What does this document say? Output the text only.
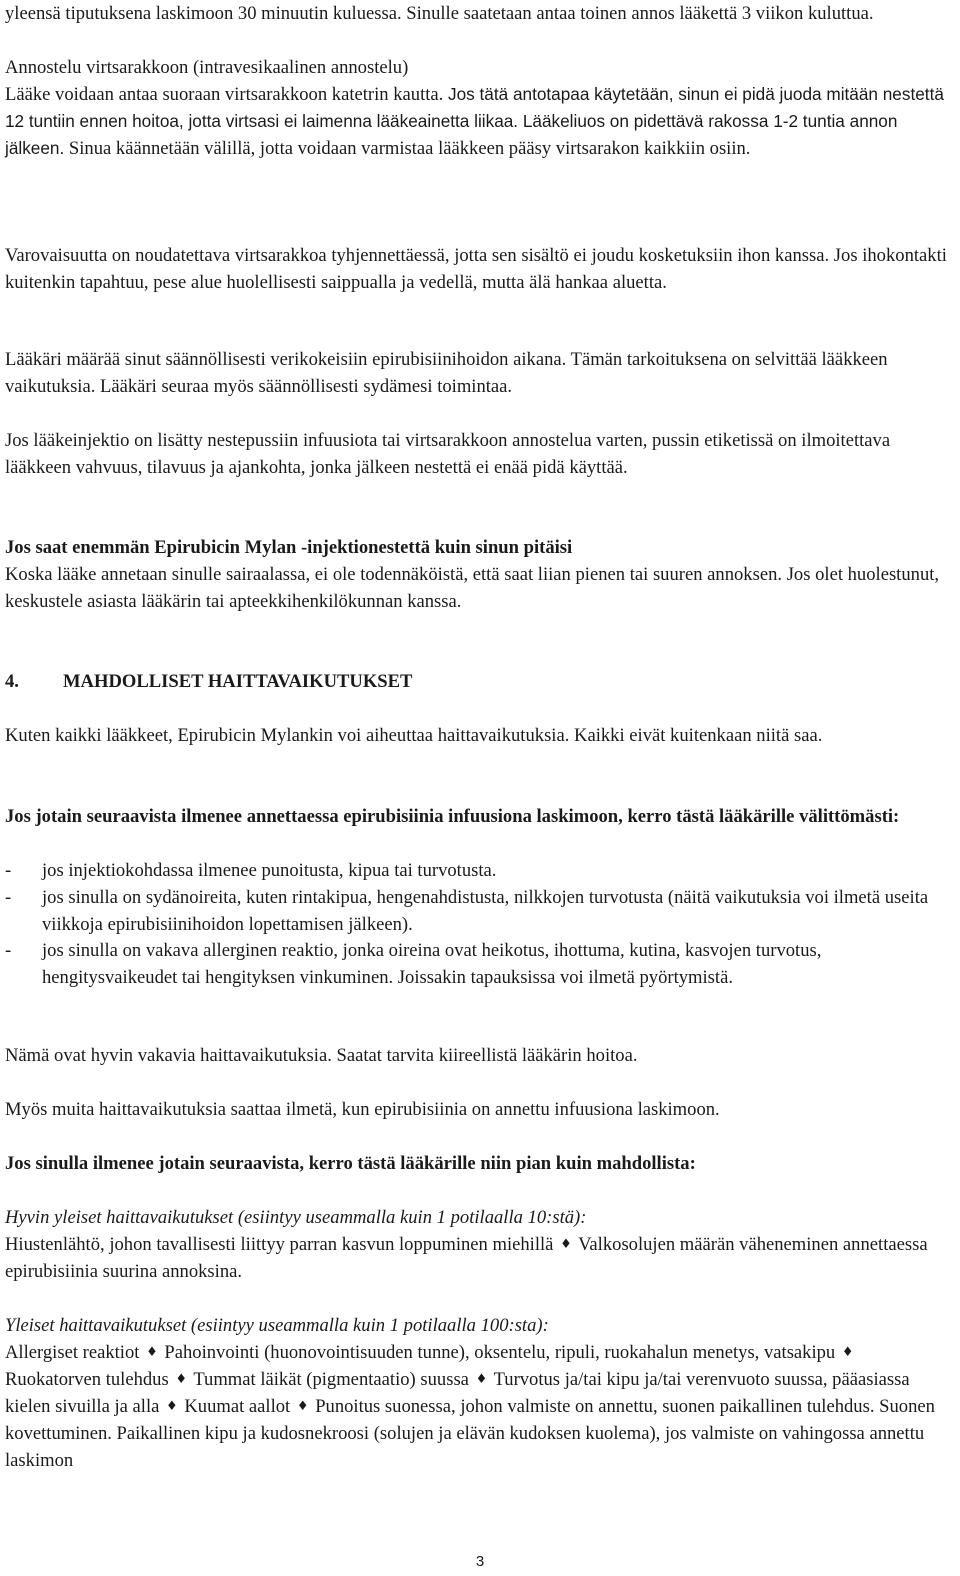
yleensä tiputuksena laskimoon 30 minuutin kuluessa. Sinulle saatetaan antaa toinen annos lääkettä 3 viikon kuluttua.

Annostelu virtsarakkoon (intravesikaalinen annostelu)
Lääke voidaan antaa suoraan virtsarakkoon katetrin kautta. Jos tätä antotapaa käytetään, sinun ei pidä juoda mitään nestettä 12 tuntiin ennen hoitoa, jotta virtsasi ei laimenna lääkeainetta liikaa. Lääkeliuos on pidettävä rakossa 1-2 tuntia annon jälkeen. Sinua käännetään välillä, jotta voidaan varmistaa lääkkeen pääsy virtsarakon kaikkiin osiin.

Varovaisuutta on noudatettava virtsarakkoa tyhjennettäessä, jotta sen sisältö ei joudu kosketuksiin ihon kanssa. Jos ihokontakti kuitenkin tapahtuu, pese alue huolellisesti saippualla ja vedellä, mutta älä hankaa aluetta.

Lääkäri määrää sinut säännöllisesti verikokeisiin epirubisiinihoidon aikana. Tämän tarkoituksena on selvittää lääkkeen vaikutuksia. Lääkäri seuraa myös säännöllisesti sydämesi toimintaa.

Jos lääkeinjektio on lisätty nestepussiin infuusiota tai virtsarakkoon annostelua varten, pussin etiketissä on ilmoitettava lääkkeen vahvuus, tilavuus ja ajankohta, jonka jälkeen nestettä ei enää pidä käyttää.

Jos saat enemmän Epirubicin Mylan -injektionestettä kuin sinun pitäisi
Koska lääke annetaan sinulle sairaalassa, ei ole todennäköistä, että saat liian pienen tai suuren annoksen. Jos olet huolestunut, keskustele asiasta lääkärin tai apteekkihenkilökunnan kanssa.
4. MAHDOLLISET HAITTAVAIKUTUKSET

Kuten kaikki lääkkeet, Epirubicin Mylankin voi aiheuttaa haittavaikutuksia. Kaikki eivät kuitenkaan niitä saa.

Jos jotain seuraavista ilmenee annettaessa epirubisiinia infuusiona laskimoon, kerro tästä lääkärille välittömästi:
-	jos injektiokohdassa ilmenee punoitusta, kipua tai turvotusta.
-	jos sinulla on sydänoireita, kuten rintakipua, hengenahdistusta, nilkkojen turvotusta (näitä vaikutuksia voi ilmetä useita viikkoja epirubisiinihoidon lopettamisen jälkeen).
-	jos sinulla on vakava allerginen reaktio, jonka oireina ovat heikotus, ihottuma, kutina, kasvojen turvotus, hengitysvaikeudet tai hengityksen vinkuminen. Joissakin tapauksissa voi ilmetä pyörtymistä.

Nämä ovat hyvin vakavia haittavaikutuksia. Saatat tarvita kiireellistä lääkärin hoitoa.

Myös muita haittavaikutuksia saattaa ilmetä, kun epirubisiinia on annettu infuusiona laskimoon.

Jos sinulla ilmenee jotain seuraavista, kerro tästä lääkärille niin pian kuin mahdollista:
Hyvin yleiset haittavaikutukset (esiintyy useammalla kuin 1 potilaalla 10:stä):
Hiustenlähtö, johon tavallisesti liittyy parran kasvun loppuminen miehillä ♦ Valkosolujen määrän väheneminen annettaessa epirubisiinia suurina annoksina.
Yleiset haittavaikutukset (esiintyy useammalla kuin 1 potilaalla 100:sta):
Allergiset reaktiot ♦ Pahoinvointi (huonovointisuuden tunne), oksentelu, ripuli, ruokahalun menetys, vatsakipu ♦ Ruokatorven tulehdus ♦ Tummat läikät (pigmentaatio) suussa ♦ Turvotus ja/tai kipu ja/tai verenvuoto suussa, pääasiassa kielen sivuilla ja alla ♦ Kuumat aallot ♦ Punoitus suonessa, johon valmiste on annettu, suonen paikallinen tulehdus. Suonen kovettuminen. Paikallinen kipu ja kudosnekroosi (solujen ja elävän kudoksen kuolema), jos valmiste on vahingossa annettu laskimon
3
